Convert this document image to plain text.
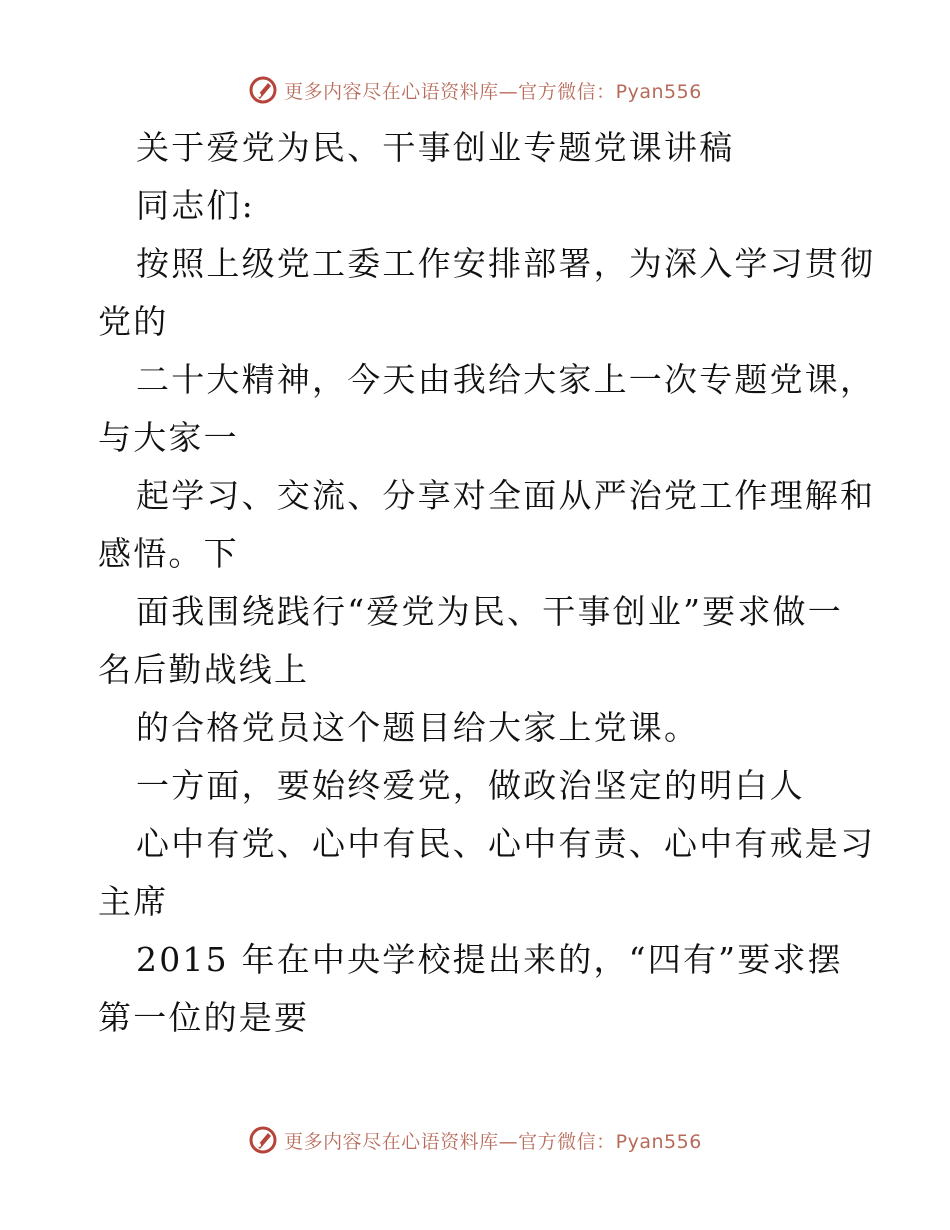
更多内容尽在心语资料库—官方微信：Pyan556
关于爱党为民、干事创业专题党课讲稿
同志们:
按照上级党工委工作安排部署，为深入学习贯彻
党的
二十大精神，今天由我给大家上一次专题党课，
与大家一
起学习、交流、分享对全面从严治党工作理解和
感悟。下
面我围绕践行“爱党为民、干事创业”要求做一
名后勤战线上
的合格党员这个题目给大家上党课。
一方面，要始终爱党，做政治坚定的明白人
心中有党、心中有民、心中有责、心中有戒是习
主席
2015 年在中央学校提出来的，“四有”要求摆
第一位的是要
更多内容尽在心语资料库—官方微信：Pyan556
